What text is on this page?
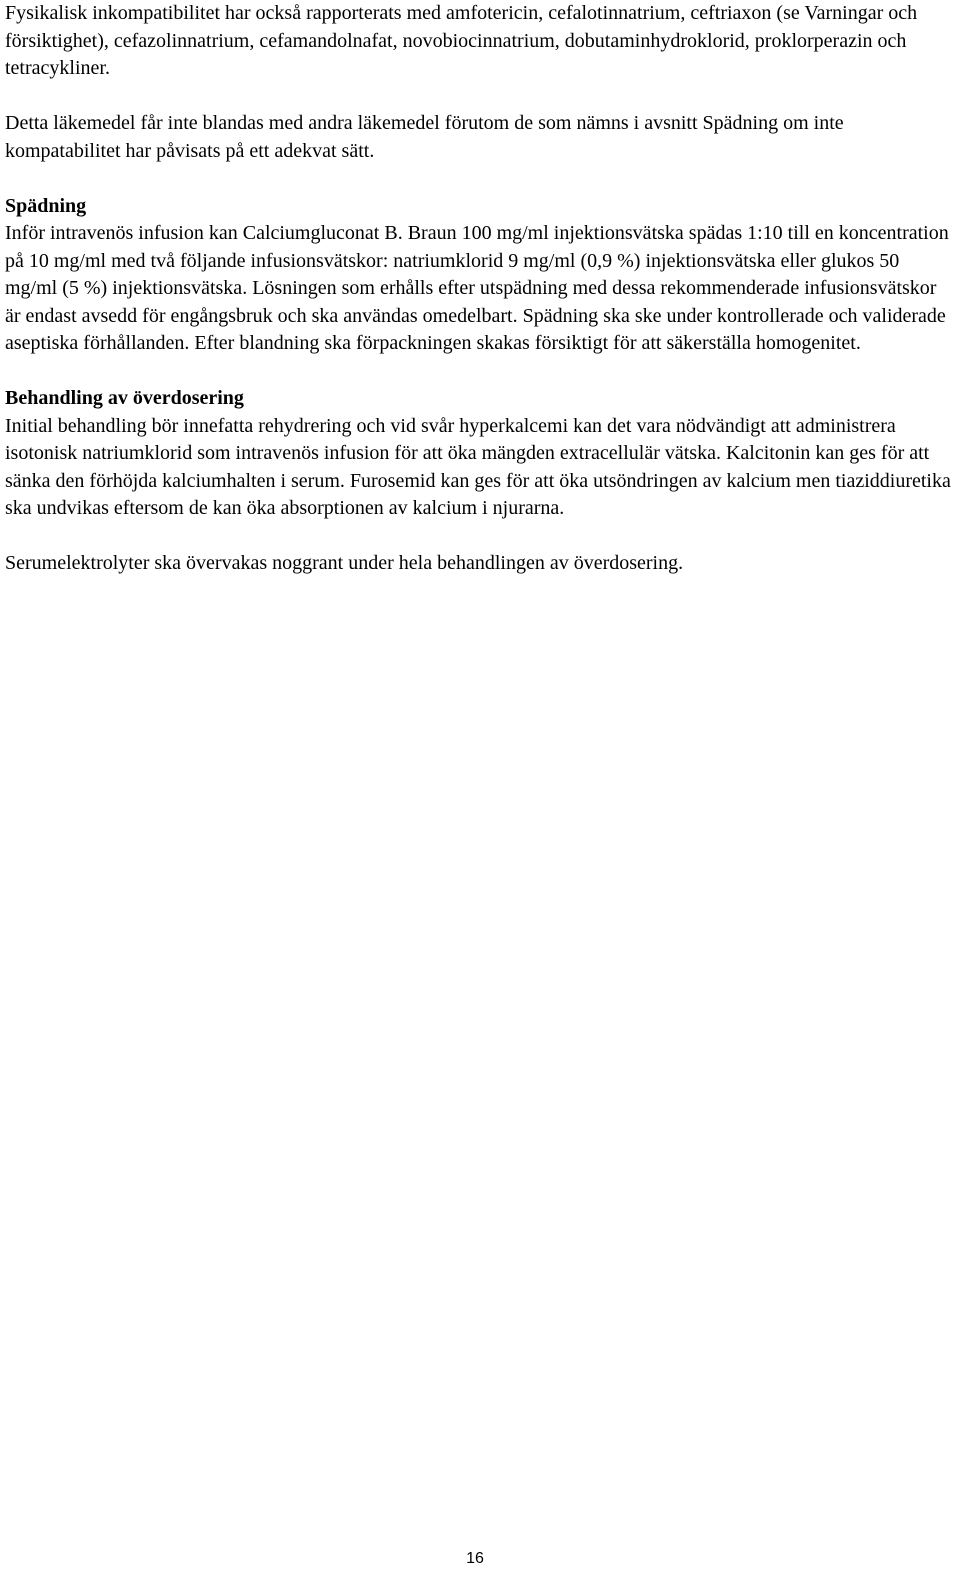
Fysikalisk inkompatibilitet har också rapporterats med amfotericin, cefalotinnatrium, ceftriaxon (se Varningar och försiktighet), cefazolinnatrium, cefamandolnafat, novobiocinnatrium, dobutaminhydroklorid, proklorperazin och tetracykliner.

Detta läkemedel får inte blandas med andra läkemedel förutom de som nämns i avsnitt Spädning om inte kompatabilitet har påvisats på ett adekvat sätt.

Spädning

Inför intravenös infusion kan Calciumgluconat B. Braun 100 mg/ml injektionsvätska spädas 1:10 till en koncentration på 10 mg/ml med två följande infusionsvätskor: natriumklorid 9 mg/ml (0,9 %) injektionsvätska eller glukos 50 mg/ml (5 %) injektionsvätska. Lösningen som erhålls efter utspädning med dessa rekommenderade infusionsvätskor är endast avsedd för engångsbruk och ska användas omedelbart. Spädning ska ske under kontrollerade och validerade aseptiska förhållanden. Efter blandning ska förpackningen skakas försiktigt för att säkerställa homogenitet.

Behandling av överdosering

Initial behandling bör innefatta rehydrering och vid svår hyperkalcemi kan det vara nödvändigt att administrera isotonisk natriumklorid som intravenös infusion för att öka mängden extracellulär vätska. Kalcitonin kan ges för att sänka den förhöjda kalciumhalten i serum. Furosemid kan ges för att öka utsöndringen av kalcium men tiaziddiuretika ska undvikas eftersom de kan öka absorptionen av kalcium i njurarna.

Serumelektrolyter ska övervakas noggrant under hela behandlingen av överdosering.

16
